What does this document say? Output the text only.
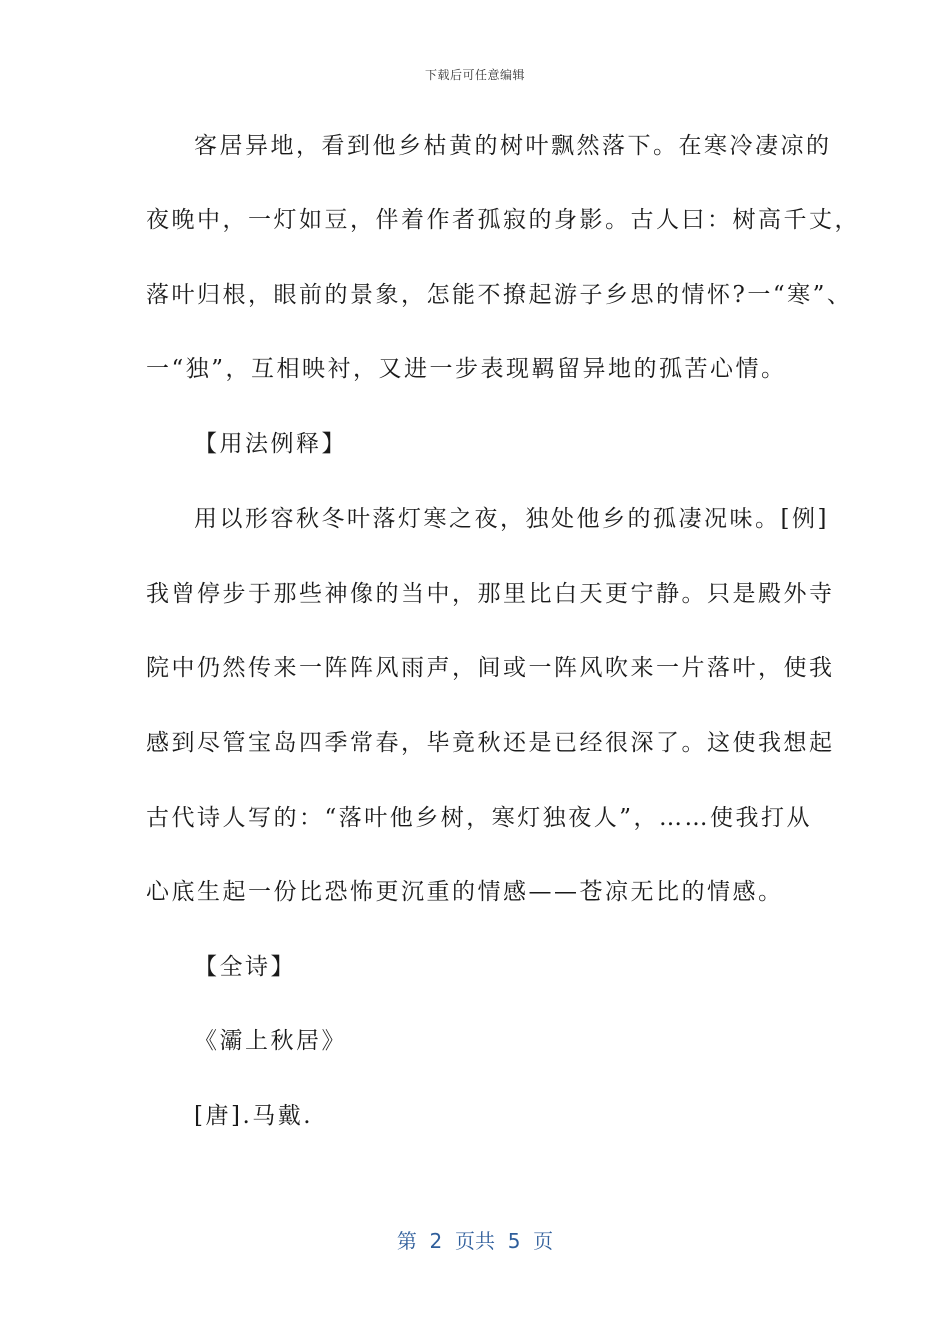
下载后可任意编辑
客居异地，看到他乡枯黄的树叶飘然落下。在寒冷凄凉的
夜晚中，一灯如豆，伴着作者孤寂的身影。古人曰：树高千丈，
落叶归根，眼前的景象，怎能不撩起游子乡思的情怀?一“寒”、
一“独”，互相映衬，又进一步表现羁留异地的孤苦心情。
【用法例释】
用以形容秋冬叶落灯寒之夜，独处他乡的孤凄况味。[例]
我曾停步于那些神像的当中，那里比白天更宁静。只是殿外寺
院中仍然传来一阵阵风雨声，间或一阵风吹来一片落叶，使我
感到尽管宝岛四季常春，毕竟秋还是已经很深了。这使我想起
古代诗人写的：“落叶他乡树，寒灯独夜人”，……使我打从
心底生起一份比恐怖更沉重的情感——苍凉无比的情感。
【全诗】
《灞上秋居》
[唐].马戴.
第  2  页共  5  页
